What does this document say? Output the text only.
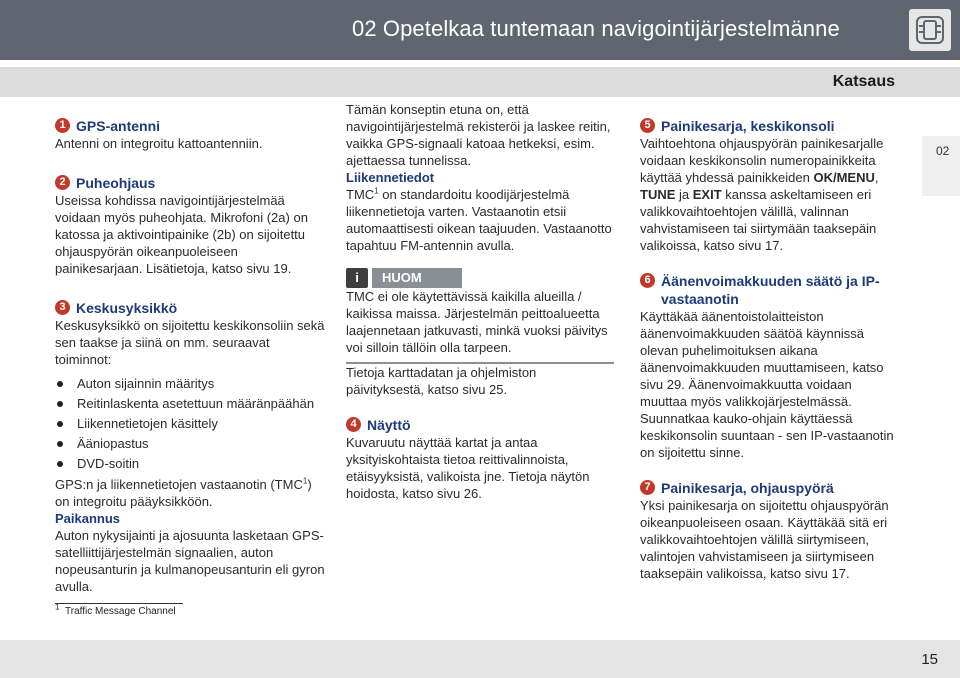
02 Opetelkaa tuntemaan navigointijärjestelmänne
Katsaus
02
1 GPS-antenni

Antenni on integroitu kattoantenniin.

2 Puheohjaus

Useissa kohdissa navigointijärjestelmää voidaan myös puheohjata. Mikrofoni (2a) on katossa ja aktivointipainike (2b) on sijoitettu ohjauspyörän oikeanpuoleiseen painikesarjaan. Lisätietoja, katso sivu 19.

3 Keskusyksikkö

Keskusyksikkö on sijoitettu keskikonsoliin sekä sen taakse ja siinä on mm. seuraavat toiminnot:

Auton sijainnin määritys
Reitinlaskenta asetettuun määränpäähän
Liikennetietojen käsittely
Ääniopastus
DVD-soitin

GPS:n ja liikennetietojen vastaanotin (TMC$^1$) on integroitu pääyksikköön.

Paikannus

Auton nykysijainti ja ajosuunta lasketaan GPS-satelliittijärjestelmän signaalien, auton nopeusanturin ja kulmanopeusanturin eli gyron avulla.

Tämän konseptin etuna on, että navigointijärjestelmä rekisteröi ja laskee reitin, vaikka GPS-signaali katoaa hetkeksi, esim. ajettaessa tunnelissa.

Liikennetiedot

TMC$^1$ on standardoitu koodijärjestelmä liikennetietoja varten. Vastaanotin etsii automaattisesti oikean taajuuden. Vastaanotto tapahtuu FM-antennin avulla.

i	HUOM

TMC ei ole käytettävissä kaikilla alueilla / kaikissa maissa. Järjestelmän peittoalueetta laajennetaan jatkuvasti, minkä vuoksi päivitys voi silloin tällöin olla tarpeen.

Tietoja karttadatan ja ohjelmiston päivityksestä, katso sivu 25.

4 Näyttö

Kuvaruutu näyttää kartat ja antaa yksityiskohtaista tietoa reittivalinnoista, etäisyyksistä, valikoista jne. Tietoja näytön hoidosta, katso sivu 26.

5 Painikesarja, keskikonsoli

Vaihtoehtona ohjauspyörän painikesarjalle voidaan keskikonsolin numeropainikkeita käyttää yhdessä painikkeiden OK/MENU, TUNE ja EXIT kanssa askeltamiseen eri valikkovaihtoehtojen välillä, valinnan vahvistamiseen tai siirtymään taaksepäin valikoissa, katso sivu 17.

6 Äänenvoimakkuuden säätö ja IP-vastaanotin

Käyttäkää äänentoistolaitteiston äänenvoimakkuuden säätöä käynnissä olevan puhelimoituksen aikana äänenvoimakkuuden muuttamiseen, katso sivu 29. Äänenvoimakkuutta voidaan muuttaa myös valikkojärjestelmässä.

Suunnatkaa kauko-ohjain käyttäessä keskikonsolin suuntaan - sen IP-vastaanotin on sijoitettu sinne.

7 Painikesarja, ohjauspyörä

Yksi painikesarja on sijoitettu ohjauspyörän oikeanpuoleiseen osaan. Käyttäkää sitä eri valikkovaihtoehtojen välillä siirtymiseen, valintojen vahvistamiseen ja siirtymiseen taaksepäin valikoissa, katso sivu 17.

$^1$ Traffic Message Channel
15
